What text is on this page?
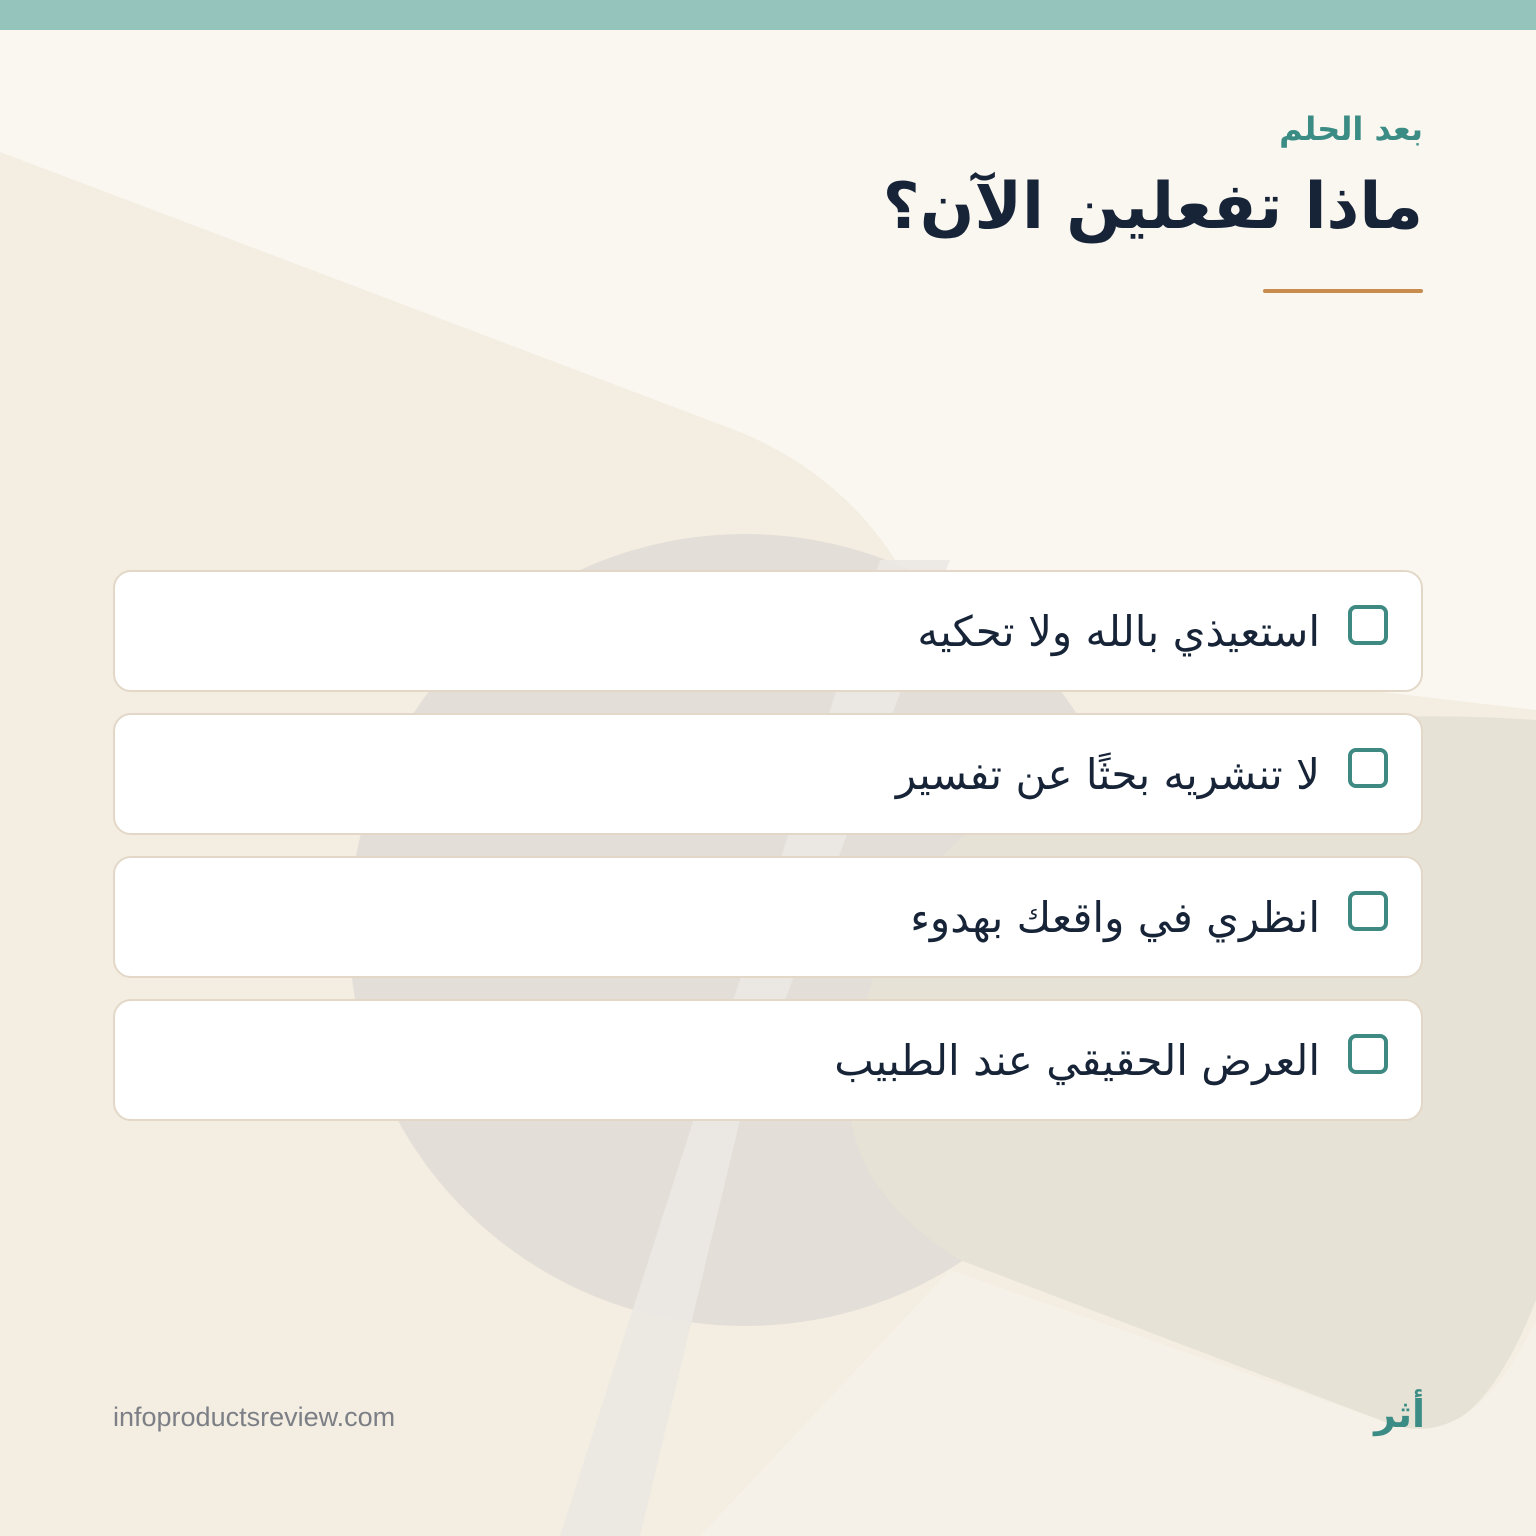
بعد الحلم
ماذا تفعلين الآن؟
استعيذي بالله ولا تحكيه
لا تنشريه بحثًا عن تفسير
انظري في واقعك بهدوء
العرض الحقيقي عند الطبيب
infoproductsreview.com	أثر
